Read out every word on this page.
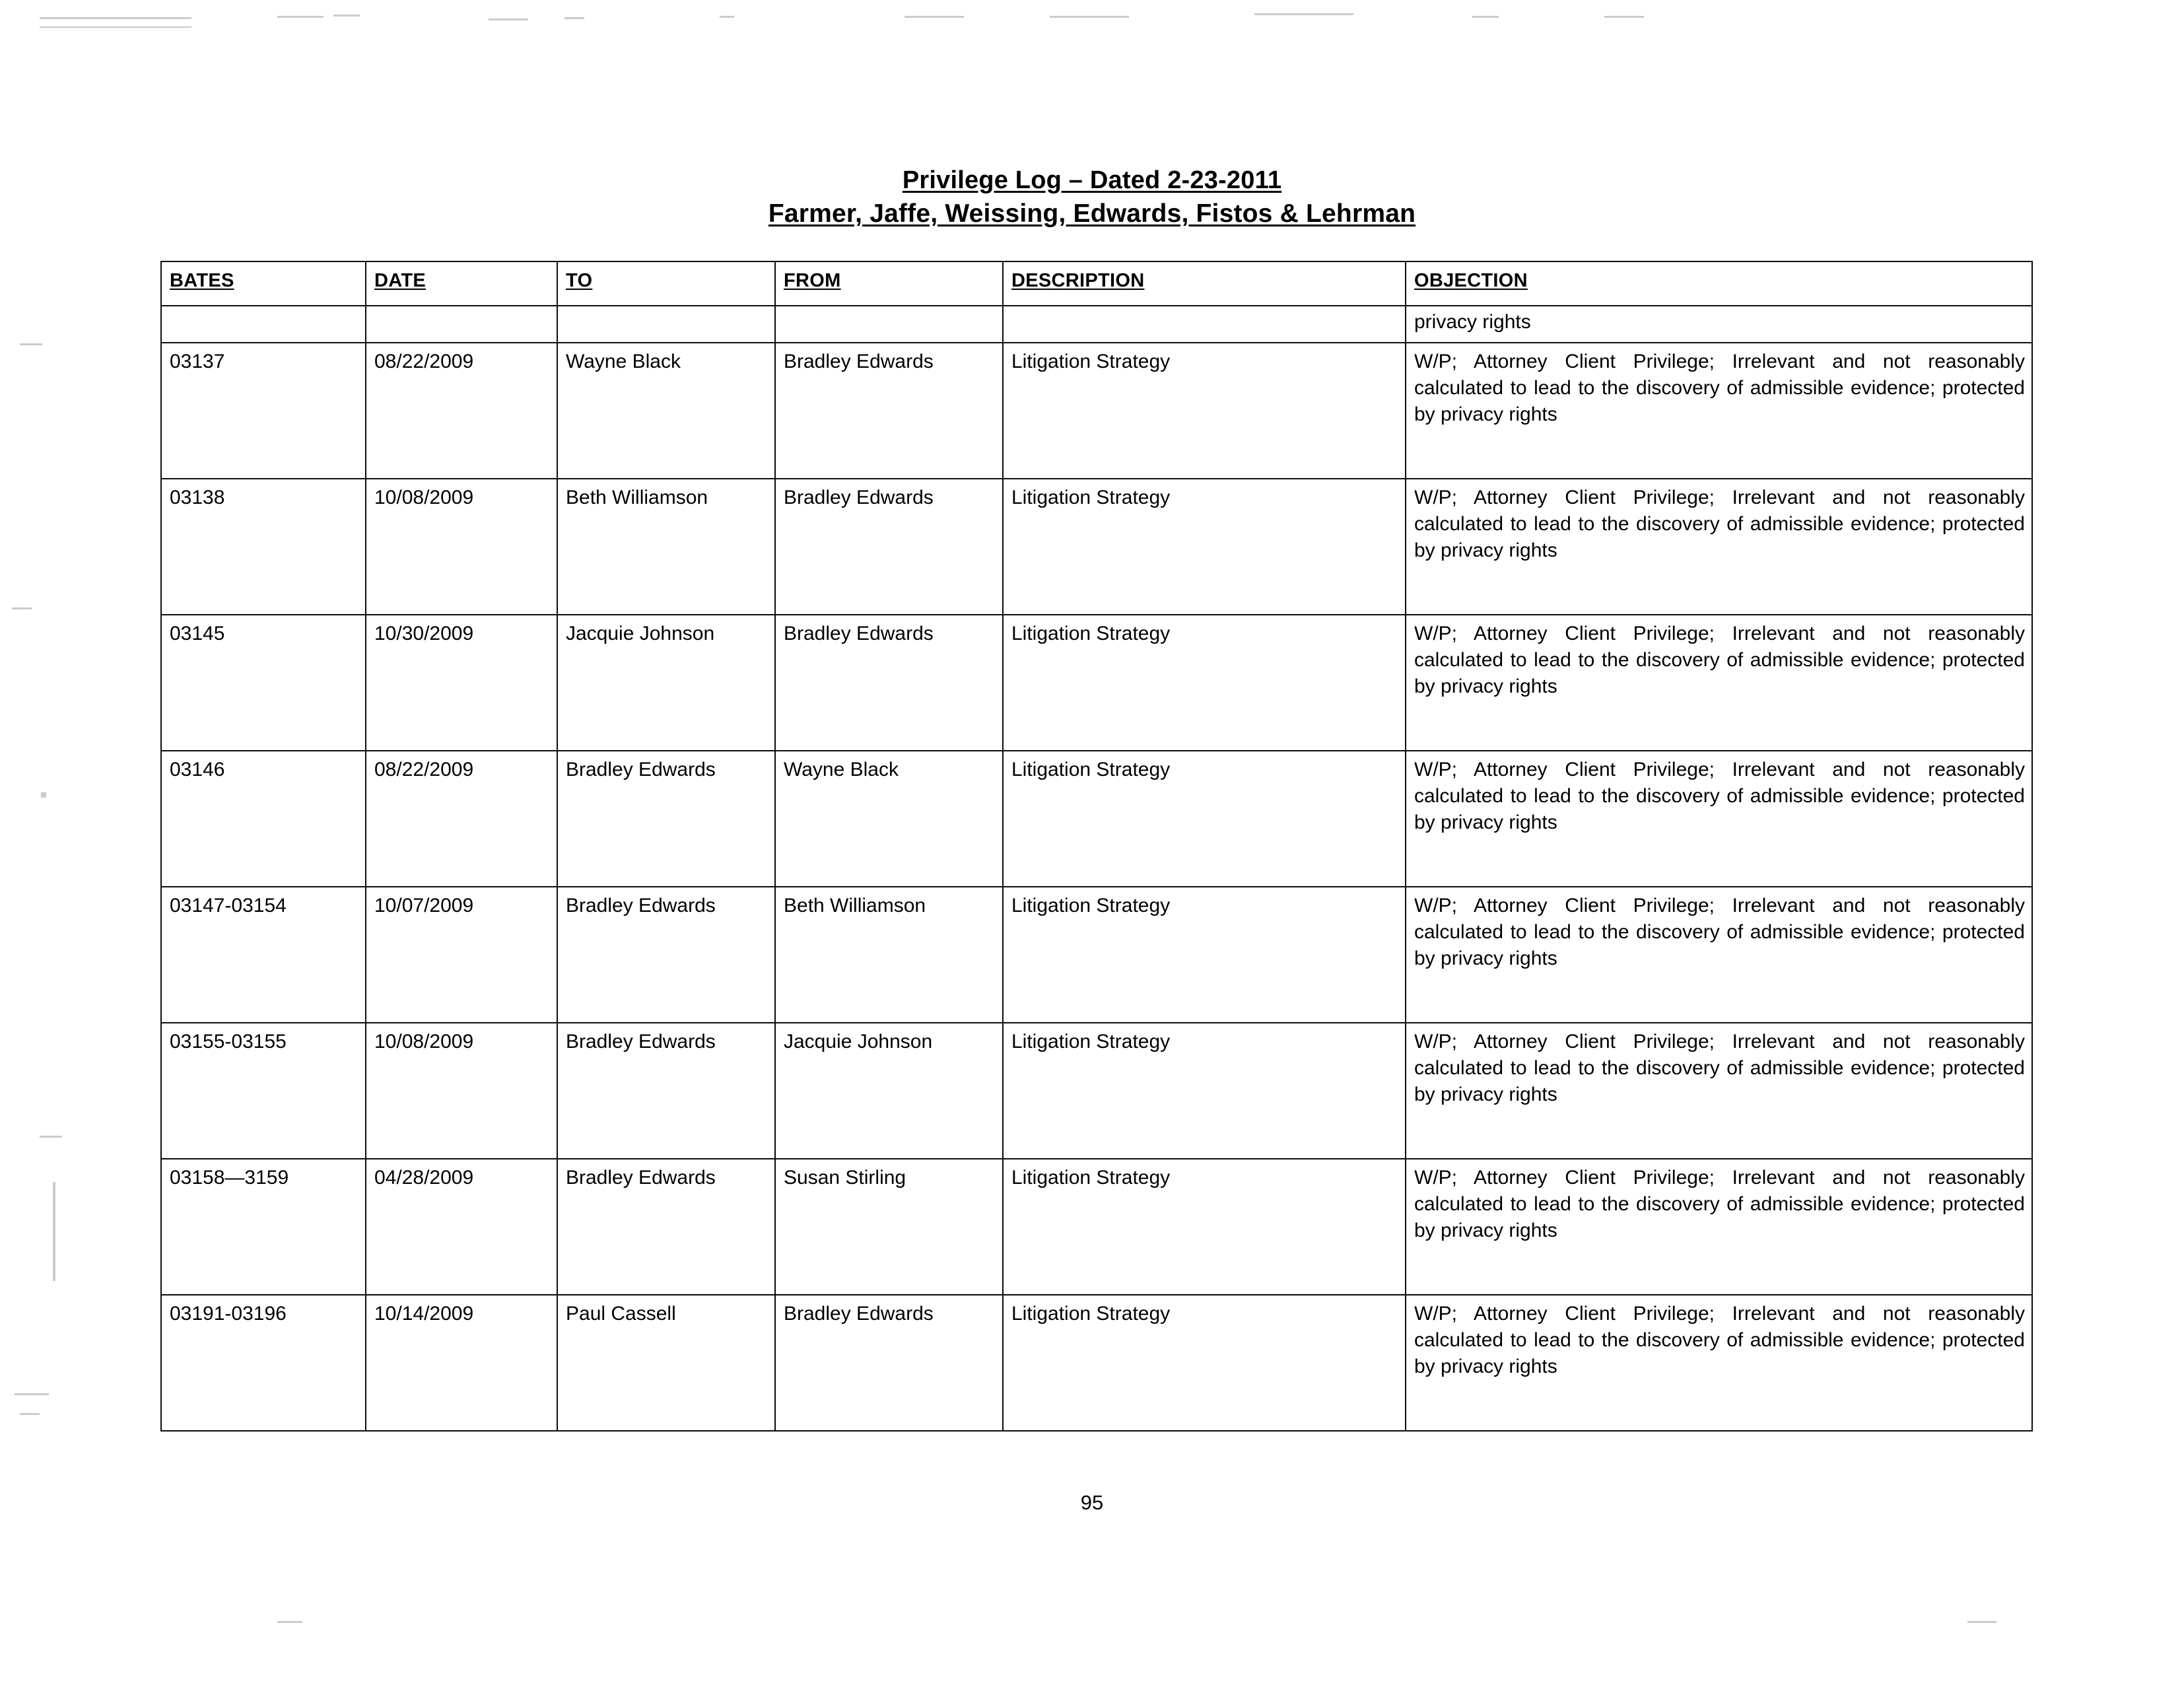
Privilege Log – Dated 2-23-2011
Farmer, Jaffe, Weissing, Edwards, Fistos & Lehrman
BATES	DATE	TO	FROM	DESCRIPTION	OBJECTION
					privacy rights
03137	08/22/2009	Wayne Black	Bradley Edwards	Litigation Strategy	W/P; Attorney Client Privilege; Irrelevant and not reasonably calculated to lead to the discovery of admissible evidence; protected by privacy rights

03138	10/08/2009	Beth Williamson	Bradley Edwards	Litigation Strategy	W/P; Attorney Client Privilege; Irrelevant and not reasonably calculated to lead to the discovery of admissible evidence; protected by privacy rights

03145	10/30/2009	Jacquie Johnson	Bradley Edwards	Litigation Strategy	W/P; Attorney Client Privilege; Irrelevant and not reasonably calculated to lead to the discovery of admissible evidence; protected by privacy rights

03146	08/22/2009	Bradley Edwards	Wayne Black	Litigation Strategy	W/P; Attorney Client Privilege; Irrelevant and not reasonably calculated to lead to the discovery of admissible evidence; protected by privacy rights

03147-03154	10/07/2009	Bradley Edwards	Beth Williamson	Litigation Strategy	W/P; Attorney Client Privilege; Irrelevant and not reasonably calculated to lead to the discovery of admissible evidence; protected by privacy rights

03155-03155	10/08/2009	Bradley Edwards	Jacquie Johnson	Litigation Strategy	W/P; Attorney Client Privilege; Irrelevant and not reasonably calculated to lead to the discovery of admissible evidence; protected by privacy rights

03158—3159	04/28/2009	Bradley Edwards	Susan Stirling	Litigation Strategy	W/P; Attorney Client Privilege; Irrelevant and not reasonably calculated to lead to the discovery of admissible evidence; protected by privacy rights

03191-03196	10/14/2009	Paul Cassell	Bradley Edwards	Litigation Strategy	W/P; Attorney Client Privilege; Irrelevant and not reasonably calculated to lead to the discovery of admissible evidence; protected by privacy rights
95
